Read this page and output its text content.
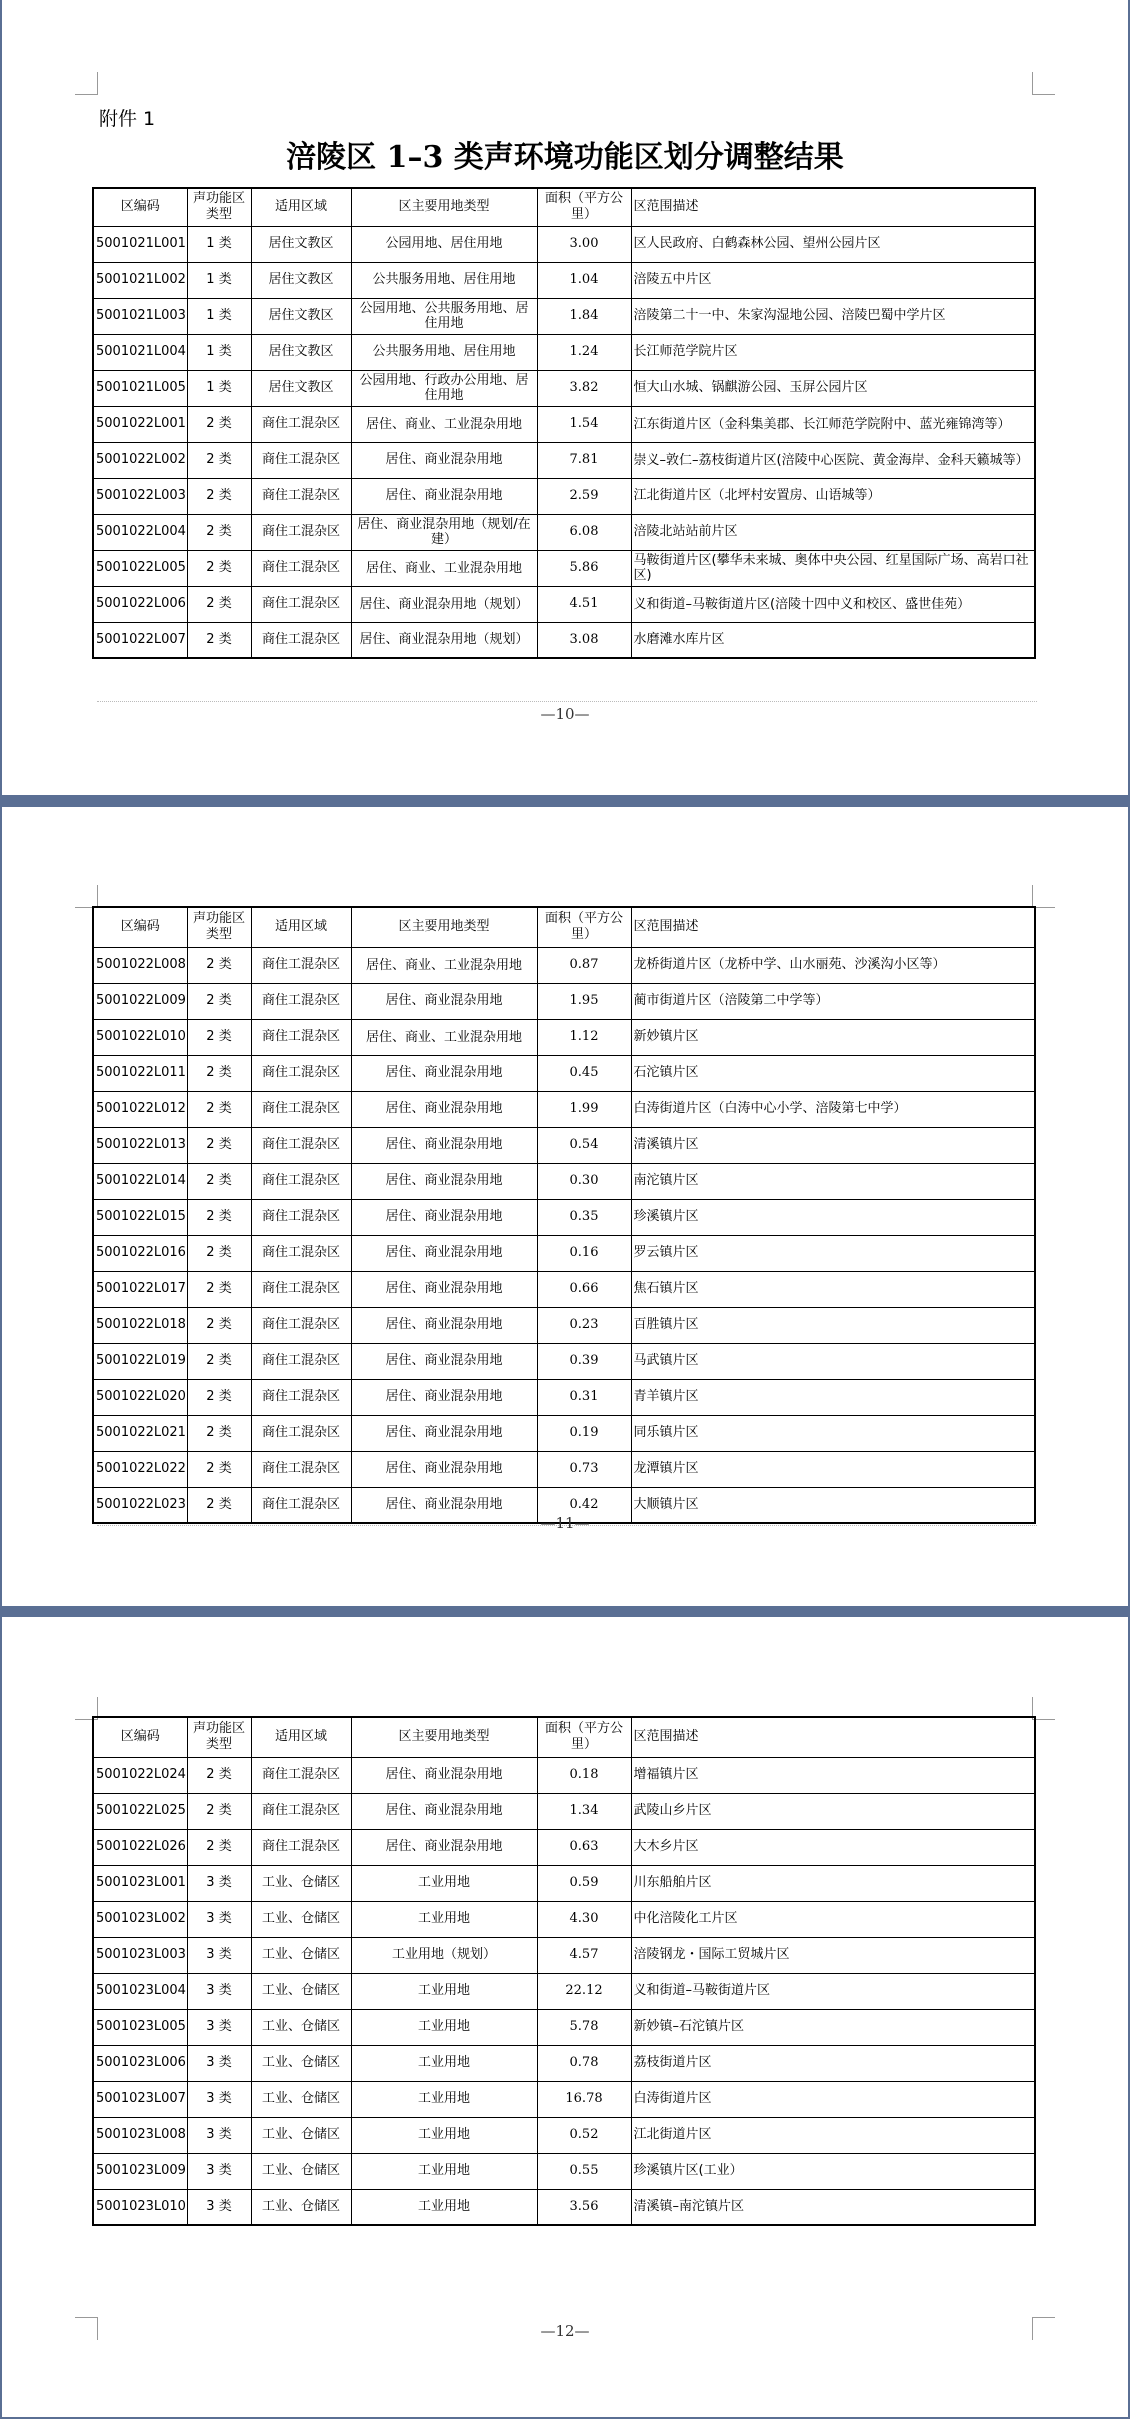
附件 1
涪陵区 1–3 类声环境功能区划分调整结果
区编码	声功能区类型	适用区域	区主要用地类型	面积（平方公里）	区范围描述
5001021L001	1 类	居住文教区	公园用地、居住用地	3.00	区人民政府、白鹤森林公园、望州公园片区
5001021L002	1 类	居住文教区	公共服务用地、居住用地	1.04	涪陵五中片区
5001021L003	1 类	居住文教区	公园用地、公共服务用地、居住用地	1.84	涪陵第二十一中、朱家沟湿地公园、涪陵巴蜀中学片区
5001021L004	1 类	居住文教区	公共服务用地、居住用地	1.24	长江师范学院片区
5001021L005	1 类	居住文教区	公园用地、行政办公用地、居住用地	3.82	恒大山水城、锅麒游公园、玉屏公园片区
5001022L001	2 类	商住工混杂区	居住、商业、工业混杂用地	1.54	江东街道片区（金科集美郡、长江师范学院附中、蓝光雍锦湾等）
5001022L002	2 类	商住工混杂区	居住、商业混杂用地	7.81	崇义–敦仁–荔枝街道片区(涪陵中心医院、黄金海岸、金科天籁城等）
5001022L003	2 类	商住工混杂区	居住、商业混杂用地	2.59	江北街道片区（北坪村安置房、山语城等）
5001022L004	2 类	商住工混杂区	居住、商业混杂用地（规划/在建）	6.08	涪陵北站站前片区
5001022L005	2 类	商住工混杂区	居住、商业、工业混杂用地	5.86	马鞍街道片区(攀华未来城、奥体中央公园、红星国际广场、高岩口社区)
5001022L006	2 类	商住工混杂区	居住、商业混杂用地（规划）	4.51	义和街道–马鞍街道片区(涪陵十四中义和校区、盛世佳苑）
5001022L007	2 类	商住工混杂区	居住、商业混杂用地（规划）	3.08	水磨滩水库片区
—10—
区编码	声功能区类型	适用区域	区主要用地类型	面积（平方公里）	区范围描述
5001022L008	2 类	商住工混杂区	居住、商业、工业混杂用地	0.87	龙桥街道片区（龙桥中学、山水丽苑、沙溪沟小区等）
5001022L009	2 类	商住工混杂区	居住、商业混杂用地	1.95	蔺市街道片区（涪陵第二中学等）
5001022L010	2 类	商住工混杂区	居住、商业、工业混杂用地	1.12	新妙镇片区
5001022L011	2 类	商住工混杂区	居住、商业混杂用地	0.45	石沱镇片区
5001022L012	2 类	商住工混杂区	居住、商业混杂用地	1.99	白涛街道片区（白涛中心小学、涪陵第七中学）
5001022L013	2 类	商住工混杂区	居住、商业混杂用地	0.54	清溪镇片区
5001022L014	2 类	商住工混杂区	居住、商业混杂用地	0.30	南沱镇片区
5001022L015	2 类	商住工混杂区	居住、商业混杂用地	0.35	珍溪镇片区
5001022L016	2 类	商住工混杂区	居住、商业混杂用地	0.16	罗云镇片区
5001022L017	2 类	商住工混杂区	居住、商业混杂用地	0.66	焦石镇片区
5001022L018	2 类	商住工混杂区	居住、商业混杂用地	0.23	百胜镇片区
5001022L019	2 类	商住工混杂区	居住、商业混杂用地	0.39	马武镇片区
5001022L020	2 类	商住工混杂区	居住、商业混杂用地	0.31	青羊镇片区
5001022L021	2 类	商住工混杂区	居住、商业混杂用地	0.19	同乐镇片区
5001022L022	2 类	商住工混杂区	居住、商业混杂用地	0.73	龙潭镇片区
5001022L023	2 类	商住工混杂区	居住、商业混杂用地	0.42	大顺镇片区
—11—
区编码	声功能区类型	适用区域	区主要用地类型	面积（平方公里）	区范围描述
5001022L024	2 类	商住工混杂区	居住、商业混杂用地	0.18	增福镇片区
5001022L025	2 类	商住工混杂区	居住、商业混杂用地	1.34	武陵山乡片区
5001022L026	2 类	商住工混杂区	居住、商业混杂用地	0.63	大木乡片区
5001023L001	3 类	工业、仓储区	工业用地	0.59	川东船舶片区
5001023L002	3 类	工业、仓储区	工业用地	4.30	中化涪陵化工片区
5001023L003	3 类	工业、仓储区	工业用地（规划）	4.57	涪陵钢龙・国际工贸城片区
5001023L004	3 类	工业、仓储区	工业用地	22.12	义和街道–马鞍街道片区
5001023L005	3 类	工业、仓储区	工业用地	5.78	新妙镇–石沱镇片区
5001023L006	3 类	工业、仓储区	工业用地	0.78	荔枝街道片区
5001023L007	3 类	工业、仓储区	工业用地	16.78	白涛街道片区
5001023L008	3 类	工业、仓储区	工业用地	0.52	江北街道片区
5001023L009	3 类	工业、仓储区	工业用地	0.55	珍溪镇片区(工业）
5001023L010	3 类	工业、仓储区	工业用地	3.56	清溪镇–南沱镇片区
—12—
